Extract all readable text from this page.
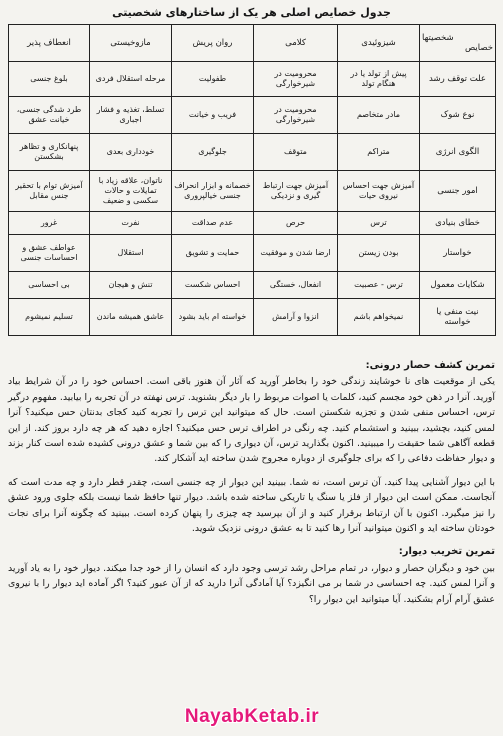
جدول خصایص اصلی هر یک از ساختارهای شخصیتی
شخصیتها
خصایص	شیزوئیدی	کلامی	روان پریش	مازوخیستی	انعطاف پذیر
علت توقف رشد	پیش از تولد یا در هنگام تولد	محرومیت در شیرخوارگی	طفولیت	مرحله استقلال فردی	بلوغ جنسی
نوع شوک	مادر متخاصم	محرومیت در شیرخوارگی	فریب و خیانت	تسلط، تغذیه و فشار اجباری	طرد شدگی جنسی، خیانت عشق
الگوی انرژی	متراکم	متوقف	جلوگیری	خودداری بعدی	پنهانکاری و تظاهر بشکستن
امور جنسی	آمیزش جهت احساس نیروی حیات	آمیزش جهت ارتباط گیری و نزدیکی	خصمانه و ابزار انحراف جنسی خیالپروری	ناتوان، علاقه زیاد با تمایلات و حالات سکسی و ضعیف	آمیزش توام با تحقیر جنس مقابل
خطای بنیادی	ترس	حرص	عدم صداقت	نفرت	غرور
خواستار	بودن زیستن	ارضا شدن و موفقیت	حمایت و تشویق	استقلال	عواطف عشق و احساسات جنسی
شکایات معمول	ترس - عصبیت	انفعال، خستگی	احساس شکست	تنش و هیجان	بی احساسی
نیت منفی یا خواسته	نمیخواهم باشم	انزوا و آرامش	خواسته ام باید بشود	عاشق همیشه ماندن	تسلیم نمیشوم
تمرین کشف حصار درونی:

یکی از موقعیت های نا خوشایند زندگی خود را بخاطر آورید که آثار آن هنوز باقی است. احساس خود را در آن شرایط بیاد آورید. آنرا در ذهن خود مجسم کنید، کلمات یا اصوات مربوط را بار دیگر بشنوید. ترس نهفته در آن تجربه را بیابید. مفهوم درگیر ترس، احساس منفی شدن و تجزیه شکستن است. حال که میتوانید این ترس را تجربه کنید کجای بدنتان حس میکنید؟ آنرا لمس کنید، بچشید، ببینید و استشمام کنید. چه رنگی در اطراف ترس حس میکنید؟ اجازه دهید که هر چه دارد بروز کند. از این قطعه آگاهی شما حقیقت را میبینید. اکنون بگذارید ترس، آن دیواری را که بین شما و عشق درونی کشیده شده است کنار بزند و دیوار حفاظت دفاعی را که برای جلوگیری از دوباره مجروح شدن ساخته اید آشکار کند.

با این دیوار آشنایی پیدا کنید. آن ترس است، نه شما. ببینید این دیوار از چه جنسی است، چقدر قطر دارد و چه مدت است که آنجاست. ممکن است این دیوار از فلز یا سنگ یا تاریکی ساخته شده باشد. دیوار تنها حافظ شما نیست بلکه جلوی ورود عشق را نیز میگیرد. اکنون با آن ارتباط برقرار کنید و از آن بپرسید چه چیزی را پنهان کرده است. ببینید که چگونه آنرا برای نجات خودتان ساخته اید و اکنون میتوانید آنرا رها کنید تا به عشق درونی نزدیک شوید.

تمرین تخریب دیوار:

بین خود و دیگران حصار و دیوار، در تمام مراحل رشد ترسی وجود دارد که انسان را از خود جدا میکند. دیوار خود را به یاد آورید و آنرا لمس کنید. چه احساسی در شما بر می انگیزد؟ آیا آمادگی آنرا دارید که از آن عبور کنید؟ اگر آماده اید دیوار را با نیروی عشق آرام آرام بشکنید. آیا میتوانید این دیوار را؟

NayabKetab.ir
